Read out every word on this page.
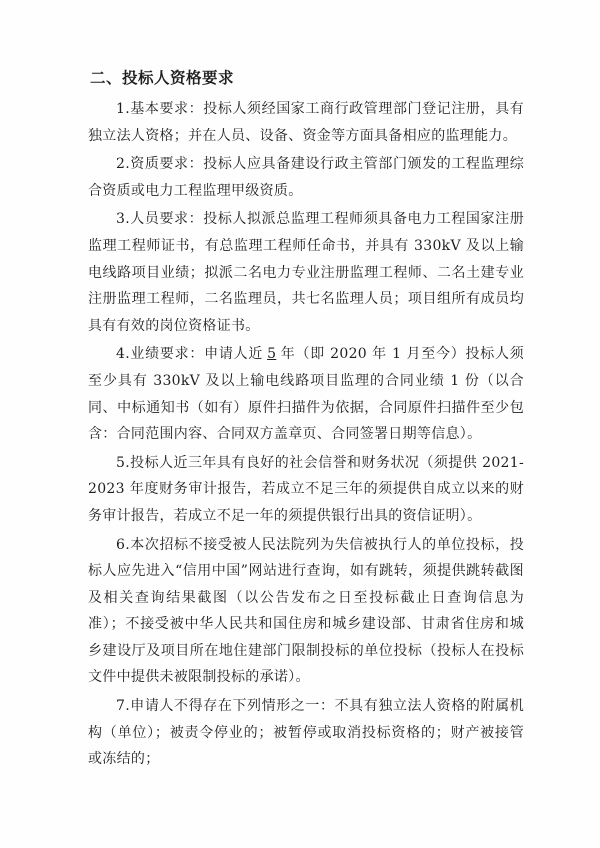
二、投标人资格要求

1.基本要求：投标人须经国家工商行政管理部门登记注册，具有独立法人资格；并在人员、设备、资金等方面具备相应的监理能力。

2.资质要求：投标人应具备建设行政主管部门颁发的工程监理综合资质或电力工程监理甲级资质。

3.人员要求：投标人拟派总监理工程师须具备电力工程国家注册监理工程师证书，有总监理工程师任命书，并具有 330kV 及以上输电线路项目业绩；拟派二名电力专业注册监理工程师、二名土建专业注册监理工程师，二名监理员，共七名监理人员；项目组所有成员均具有有效的岗位资格证书。

4.业绩要求：申请人近 5 年（即 2020 年 1 月至今）投标人须至少具有 330kV 及以上输电线路项目监理的合同业绩 1 份（以合同、中标通知书（如有）原件扫描件为依据，合同原件扫描件至少包含：合同范围内容、合同双方盖章页、合同签署日期等信息）。

5.投标人近三年具有良好的社会信誉和财务状况（须提供 2021-2023 年度财务审计报告，若成立不足三年的须提供自成立以来的财务审计报告，若成立不足一年的须提供银行出具的资信证明）。

6.本次招标不接受被人民法院列为失信被执行人的单位投标，投标人应先进入“信用中国”网站进行查询，如有跳转，须提供跳转截图及相关查询结果截图（以公告发布之日至投标截止日查询信息为准）；不接受被中华人民共和国住房和城乡建设部、甘肃省住房和城乡建设厅及项目所在地住建部门限制投标的单位投标（投标人在投标文件中提供未被限制投标的承诺）。

7.申请人不得存在下列情形之一：不具有独立法人资格的附属机构（单位）；被责令停业的；被暂停或取消投标资格的；财产被接管或冻结的；
